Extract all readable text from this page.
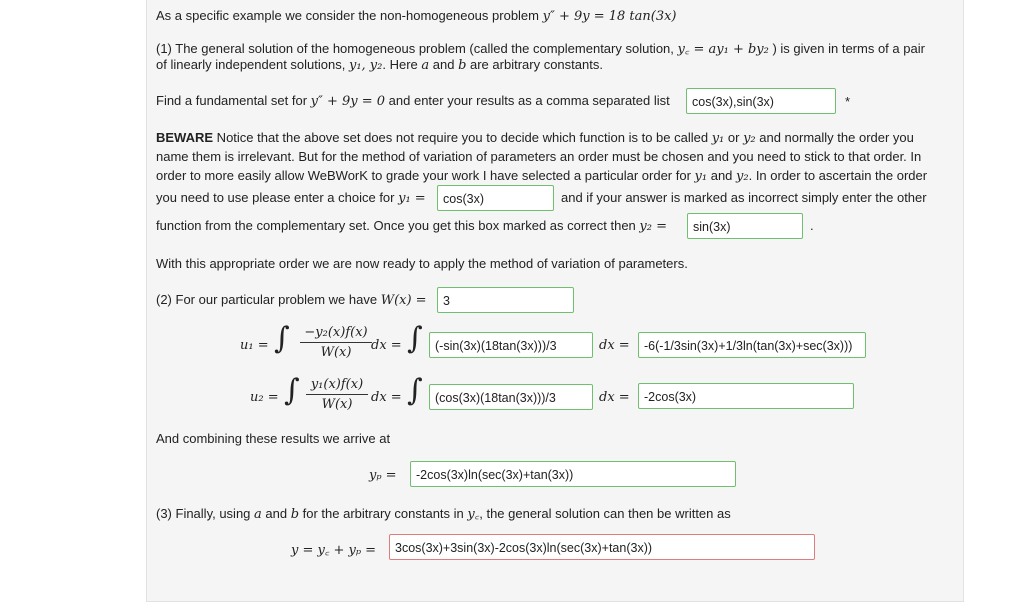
As a specific example we consider the non-homogeneous problem y″ + 9y = 18 tan(3x)
(1) The general solution of the homogeneous problem (called the complementary solution, y꜀ = ay₁ + by₂ ) is given in terms of a pair
of linearly independent solutions, y₁, y₂. Here a and b are arbitrary constants.
Find a fundamental set for y″ + 9y = 0 and enter your results as a comma separated list	cos(3x),sin(3x)	*
BEWARE Notice that the above set does not require you to decide which function is to be called y₁ or y₂ and normally the order you
name them is irrelevant. But for the method of variation of parameters an order must be chosen and you need to stick to that order. In
order to more easily allow WeBWorK to grade your work I have selected a particular order for y₁ and y₂. In order to ascertain the order
you need to use please enter a choice for y₁ =	cos(3x)	and if your answer is marked as incorrect simply enter the other
function from the complementary set. Once you get this box marked as correct then y₂ =	sin(3x)	.
With this appropriate order we are now ready to apply the method of variation of parameters.
(2) For our particular problem we have W(x) =	3
u₁ = ∫ $\frac{\text{−y₂(x)f(x)}}{W(x)}$ dx = ∫ (-sin(3x)(18tan(3x)))/3	dx =	-6(-1/3sin(3x)+1/3ln(tan(3x)+sec(3x)))
u₂ = ∫ $\frac{\text{y₁(x)f(x)}}{W(x)}$ dx = ∫ (cos(3x)(18tan(3x)))/3	dx =	-2cos(3x)
And combining these results we arrive at
yₚ =	-2cos(3x)ln(sec(3x)+tan(3x))
(3) Finally, using a and b for the arbitrary constants in y꜀, the general solution can then be written as
y = y꜀ + yₚ =	3cos(3x)+3sin(3x)-2cos(3x)ln(sec(3x)+tan(3x))
